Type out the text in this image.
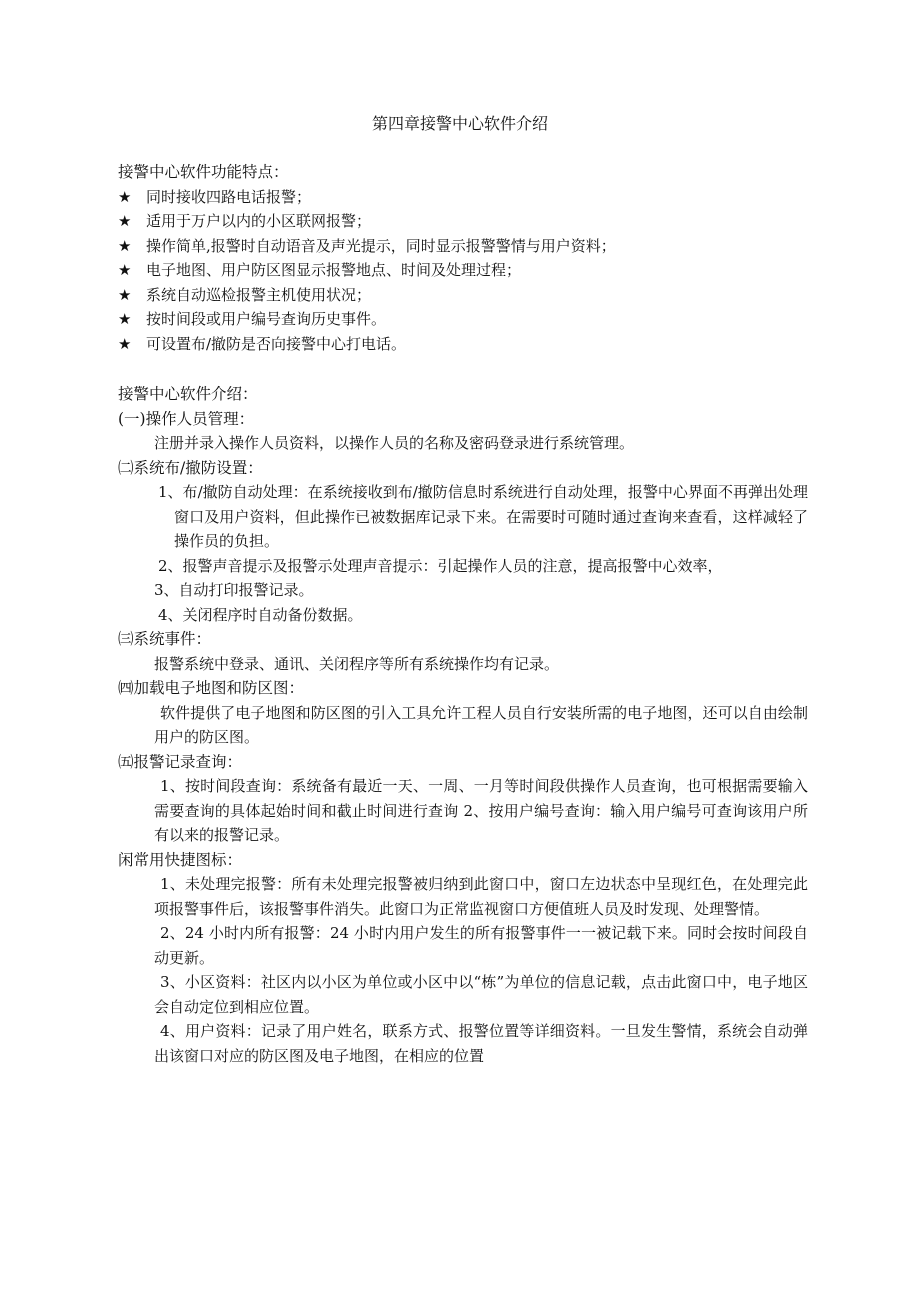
第四章接警中心软件介绍
接警中心软件功能特点：
★ 同时接收四路电话报警；
★ 适用于万户以内的小区联网报警；
★ 操作简单,报警时自动语音及声光提示，同时显示报警警情与用户资料；
★ 电子地图、用户防区图显示报警地点、时间及处理过程；
★ 系统自动巡检报警主机使用状况；
★ 按时间段或用户编号查询历史事件。
★ 可设置布/撤防是否向接警中心打电话。
接警中心软件介绍：
(一)操作人员管理：
注册并录入操作人员资料，以操作人员的名称及密码登录进行系统管理。
㈡系统布/撤防设置：
1、布/撤防自动处理：在系统接收到布/撤防信息时系统进行自动处理，报警中心界面不再弹出处理窗口及用户资料，但此操作已被数据库记录下来。在需要时可随时通过查询来查看，这样减轻了操作员的负担。
2、报警声音提示及报警示处理声音提示：引起操作人员的注意，提高报警中心效率，
3、自动打印报警记录。
4、关闭程序时自动备份数据。
㈢系统事件：
报警系统中登录、通讯、关闭程序等所有系统操作均有记录。
㈣加载电子地图和防区图：
软件提供了电子地图和防区图的引入工具允许工程人员自行安装所需的电子地图，还可以自由绘制用户的防区图。
㈤报警记录查询：
1、按时间段查询：系统备有最近一天、一周、一月等时间段供操作人员查询，也可根据需要输入需要查询的具体起始时间和截止时间进行查询 2、按用户编号查询：输入用户编号可查询该用户所有以来的报警记录。
闲常用快捷图标：
1、未处理完报警：所有未处理完报警被归纳到此窗口中，窗口左边状态中呈现红色，在处理完此项报警事件后，该报警事件消失。此窗口为正常监视窗口方便值班人员及时发现、处理警情。
2、24 小时内所有报警：24 小时内用户发生的所有报警事件一一被记载下来。同时会按时间段自动更新。
3、小区资料：社区内以小区为单位或小区中以“栋”为单位的信息记载，点击此窗口中，电子地区会自动定位到相应位置。
4、用户资料：记录了用户姓名，联系方式、报警位置等详细资料。一旦发生警情，系统会自动弹出该窗口对应的防区图及电子地图，在相应的位置
